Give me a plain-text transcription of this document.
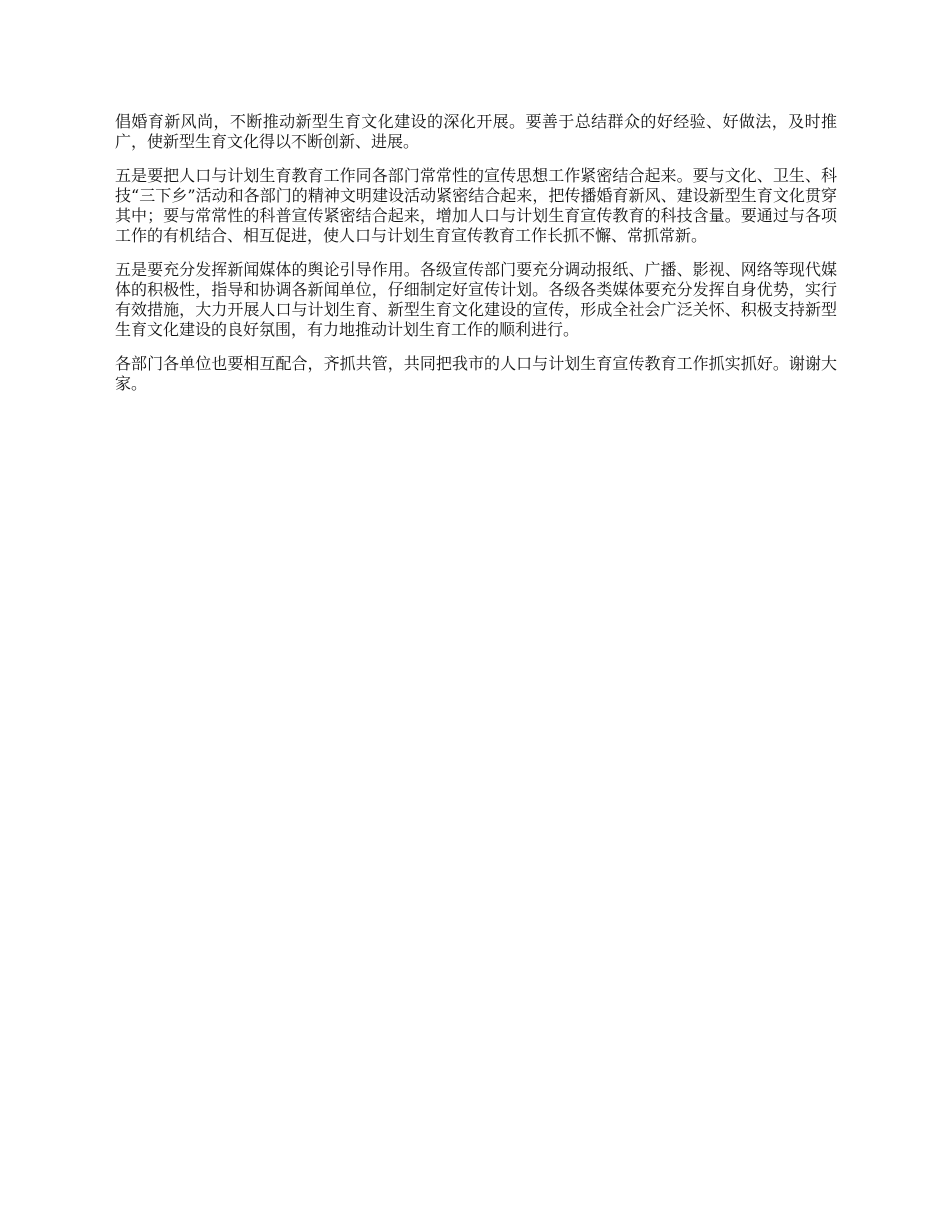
倡婚育新风尚，不断推动新型生育文化建设的深化开展。要善于总结群众的好经验、好做法，及时推广，使新型生育文化得以不断创新、进展。

五是要把人口与计划生育教育工作同各部门常常性的宣传思想工作紧密结合起来。要与文化、卫生、科技“三下乡”活动和各部门的精神文明建设活动紧密结合起来，把传播婚育新风、建设新型生育文化贯穿其中；要与常常性的科普宣传紧密结合起来，增加人口与计划生育宣传教育的科技含量。要通过与各项工作的有机结合、相互促进，使人口与计划生育宣传教育工作长抓不懈、常抓常新。

五是要充分发挥新闻媒体的舆论引导作用。各级宣传部门要充分调动报纸、广播、影视、网络等现代媒体的积极性，指导和协调各新闻单位，仔细制定好宣传计划。各级各类媒体要充分发挥自身优势，实行有效措施，大力开展人口与计划生育、新型生育文化建设的宣传，形成全社会广泛关怀、积极支持新型生育文化建设的良好氛围，有力地推动计划生育工作的顺利进行。

各部门各单位也要相互配合，齐抓共管，共同把我市的人口与计划生育宣传教育工作抓实抓好。谢谢大家。
